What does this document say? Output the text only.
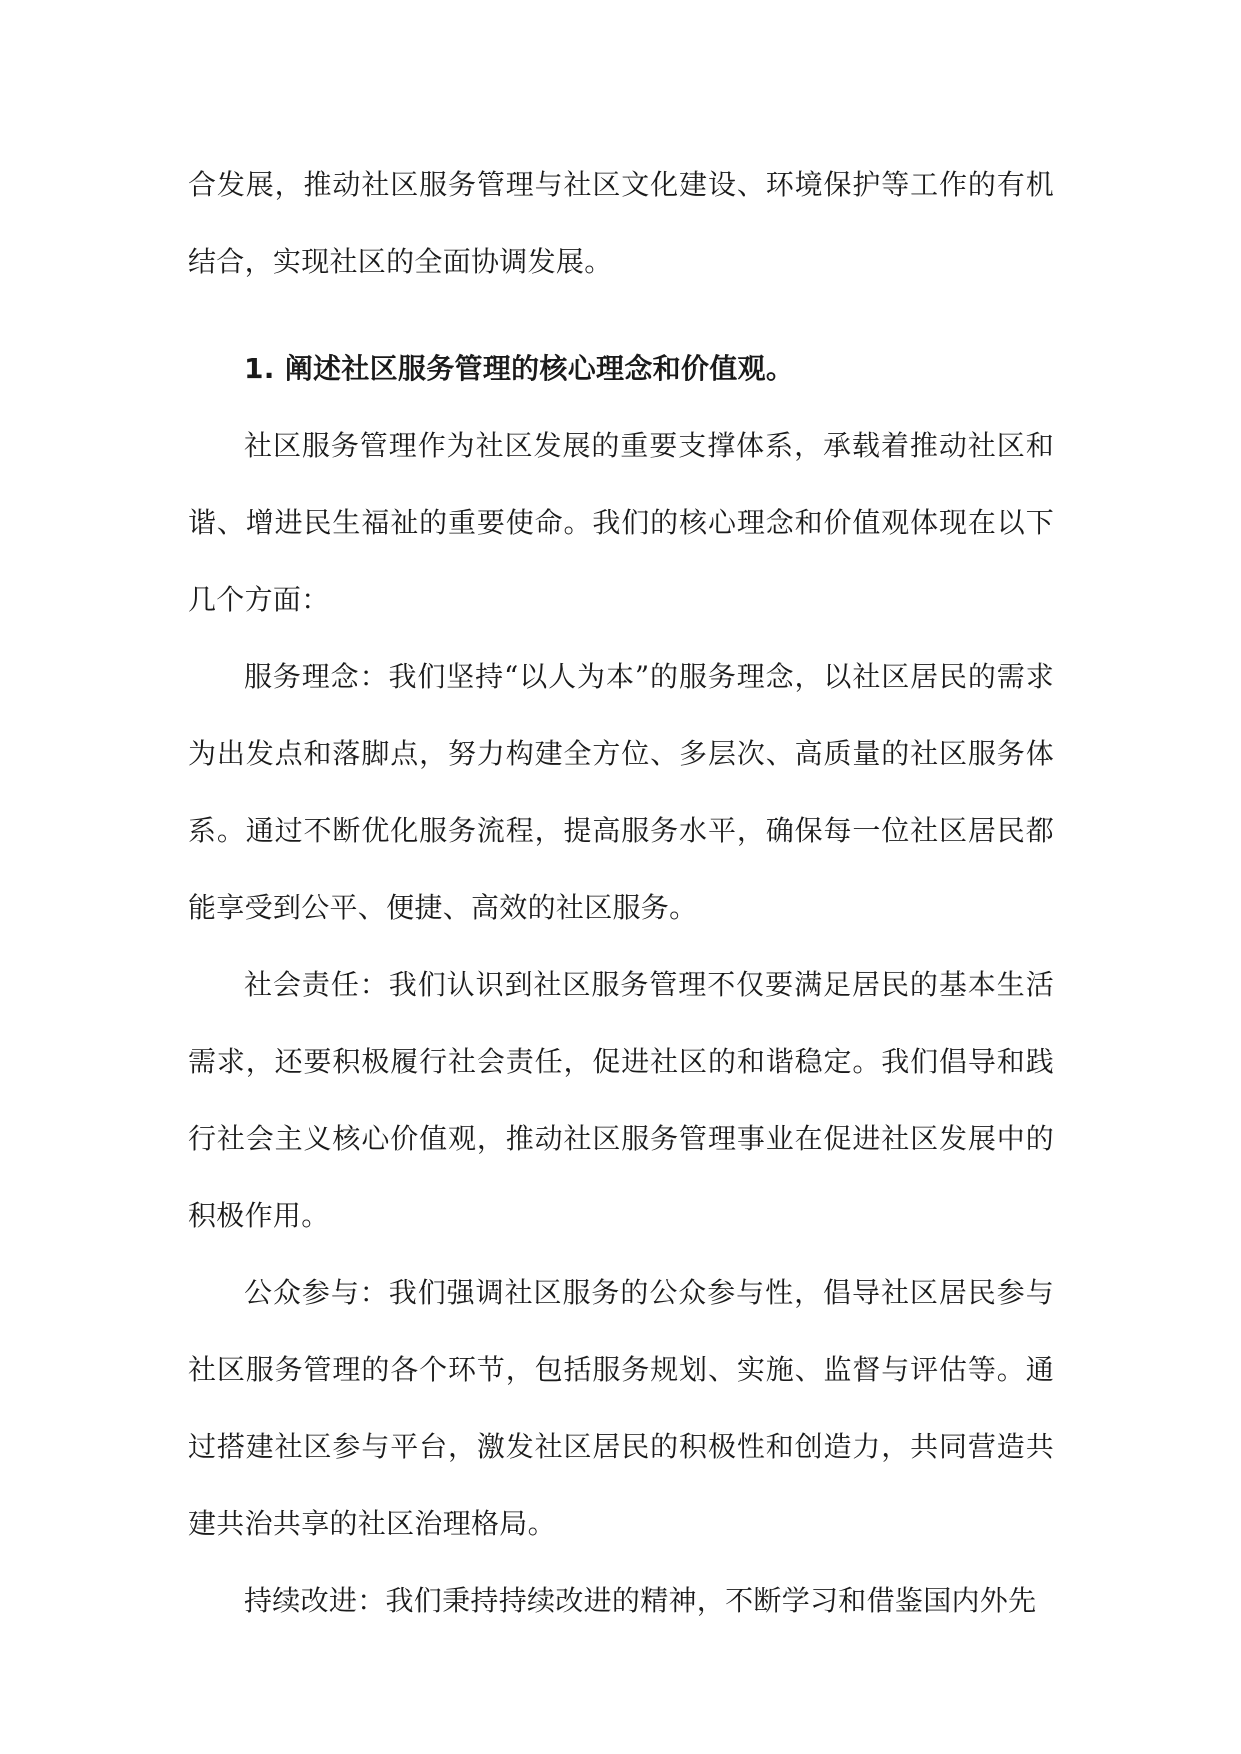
合发展，推动社区服务管理与社区文化建设、环境保护等工作的有机结合，实现社区的全面协调发展。

1. 阐述社区服务管理的核心理念和价值观。

社区服务管理作为社区发展的重要支撑体系，承载着推动社区和谐、增进民生福祉的重要使命。我们的核心理念和价值观体现在以下几个方面：

服务理念：我们坚持“以人为本”的服务理念，以社区居民的需求为出发点和落脚点，努力构建全方位、多层次、高质量的社区服务体系。通过不断优化服务流程，提高服务水平，确保每一位社区居民都能享受到公平、便捷、高效的社区服务。

社会责任：我们认识到社区服务管理不仅要满足居民的基本生活需求，还要积极履行社会责任，促进社区的和谐稳定。我们倡导和践行社会主义核心价值观，推动社区服务管理事业在促进社区发展中的积极作用。

公众参与：我们强调社区服务的公众参与性，倡导社区居民参与社区服务管理的各个环节，包括服务规划、实施、监督与评估等。通过搭建社区参与平台，激发社区居民的积极性和创造力，共同营造共建共治共享的社区治理格局。

持续改进：我们秉持持续改进的精神，不断学习和借鉴国内外先
